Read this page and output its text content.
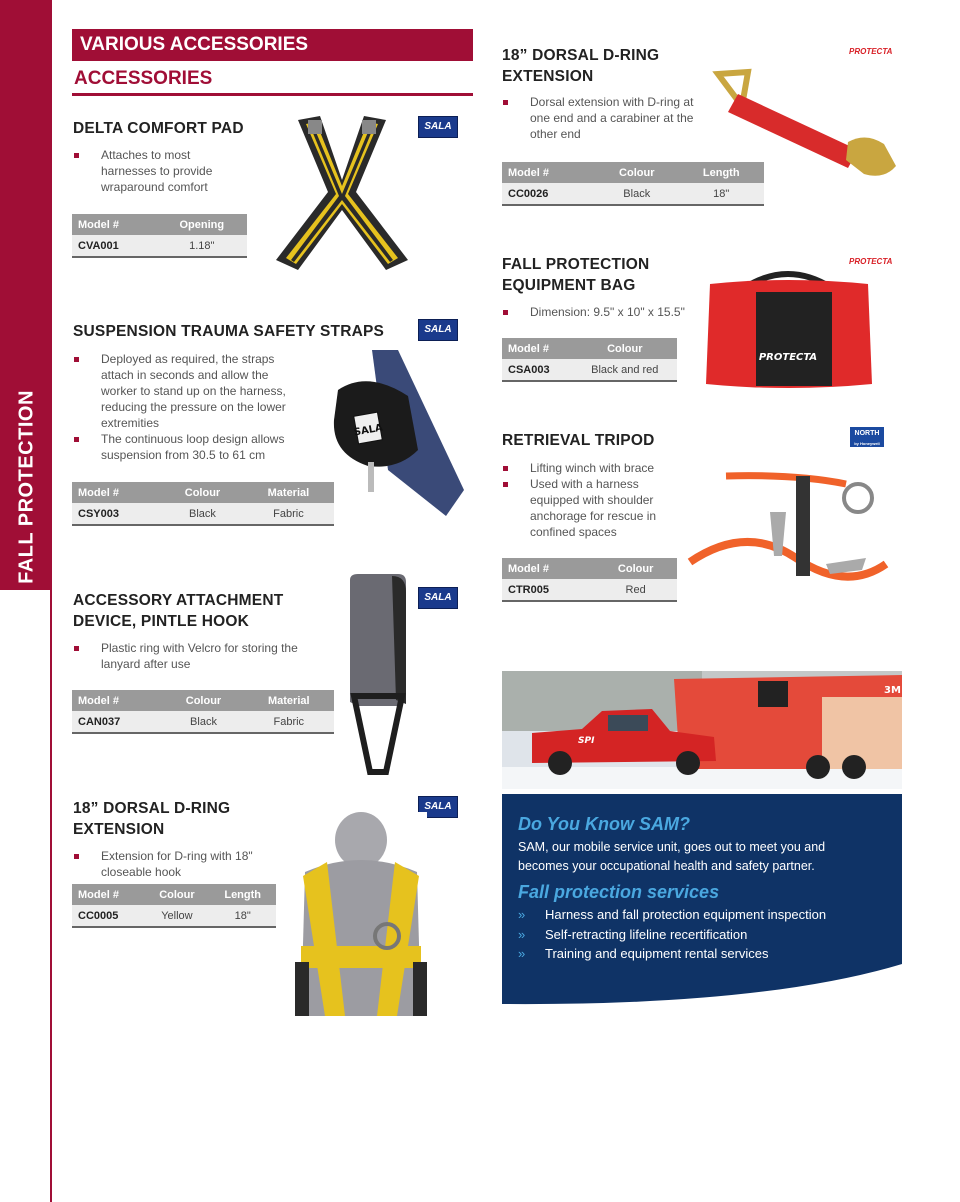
FALL PROTECTION
VARIOUS ACCESSORIES
ACCESSORIES
DELTA COMFORT PAD
Attaches to most harnesses to provide wraparound comfort
Model #	Opening
CVA001	1.18"
SALA
SUSPENSION TRAUMA SAFETY STRAPS
Deployed as required, the straps attach in seconds and allow the worker to stand up on the harness, reducing the pressure on the lower extremities
The continuous loop design allows suspension from 30.5 to 61 cm
Model #	Colour	Material
CSY003	Black	Fabric
SALA
SALA
ACCESSORY ATTACHMENT
DEVICE, PINTLE HOOK
Plastic ring with Velcro for storing the lanyard after use
Model #	Colour	Material
CAN037	Black	Fabric
SALA
18” DORSAL D-RING
EXTENSION
Extension for D-ring with 18" closeable hook
Model #	Colour	Length
CC0005	Yellow	18"
SALA
18” DORSAL D-RING
EXTENSION
Dorsal extension with D-ring at one end and a carabiner at the other end
Model #	Colour	Length
CC0026	Black	18"
PROTECTA
FALL PROTECTION
EQUIPMENT BAG
Dimension: 9.5" x 10" x 15.5"
Model #	Colour
CSA003	Black and red
PROTECTA
PROTECTA
RETRIEVAL TRIPOD
Lifting winch with brace
Used with a harness equipped with shoulder anchorage for rescue in confined spaces
Model #	Colour
CTR005	Red
NORTH

by Honeywell
3M
SPI
Do You Know SAM?

SAM, our mobile service unit, goes out to meet you and becomes your occupational health and safety partner.

Fall protection services
» Harness and fall protection equipment inspection
» Self-retracting lifeline recertification
» Training and equipment rental services
